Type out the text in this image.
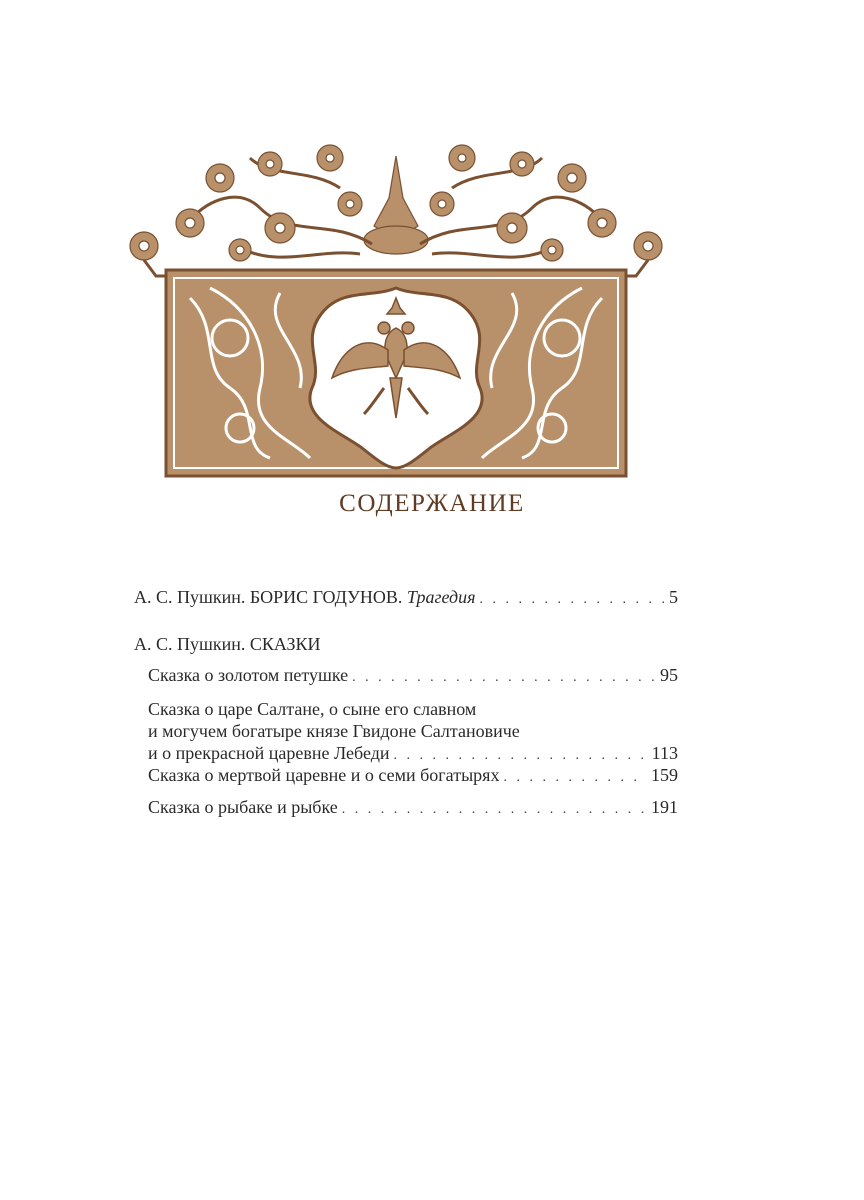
СОДЕРЖАНИЕ
А. С. Пушкин. БОРИС ГОДУНОВ. Трагедия . . .	5
А. С. Пушкин. СКАЗКИ
Сказка о золотом петушке . . .	95
Сказка о царе Салтане, о сыне его славном
и могучем богатыре князе Гвидоне Салтановиче
и о прекрасной царевне Лебеди . . .	113
Сказка о мертвой царевне и о семи богатырях . . .	159
Сказка о рыбаке и рыбке . . .	191
